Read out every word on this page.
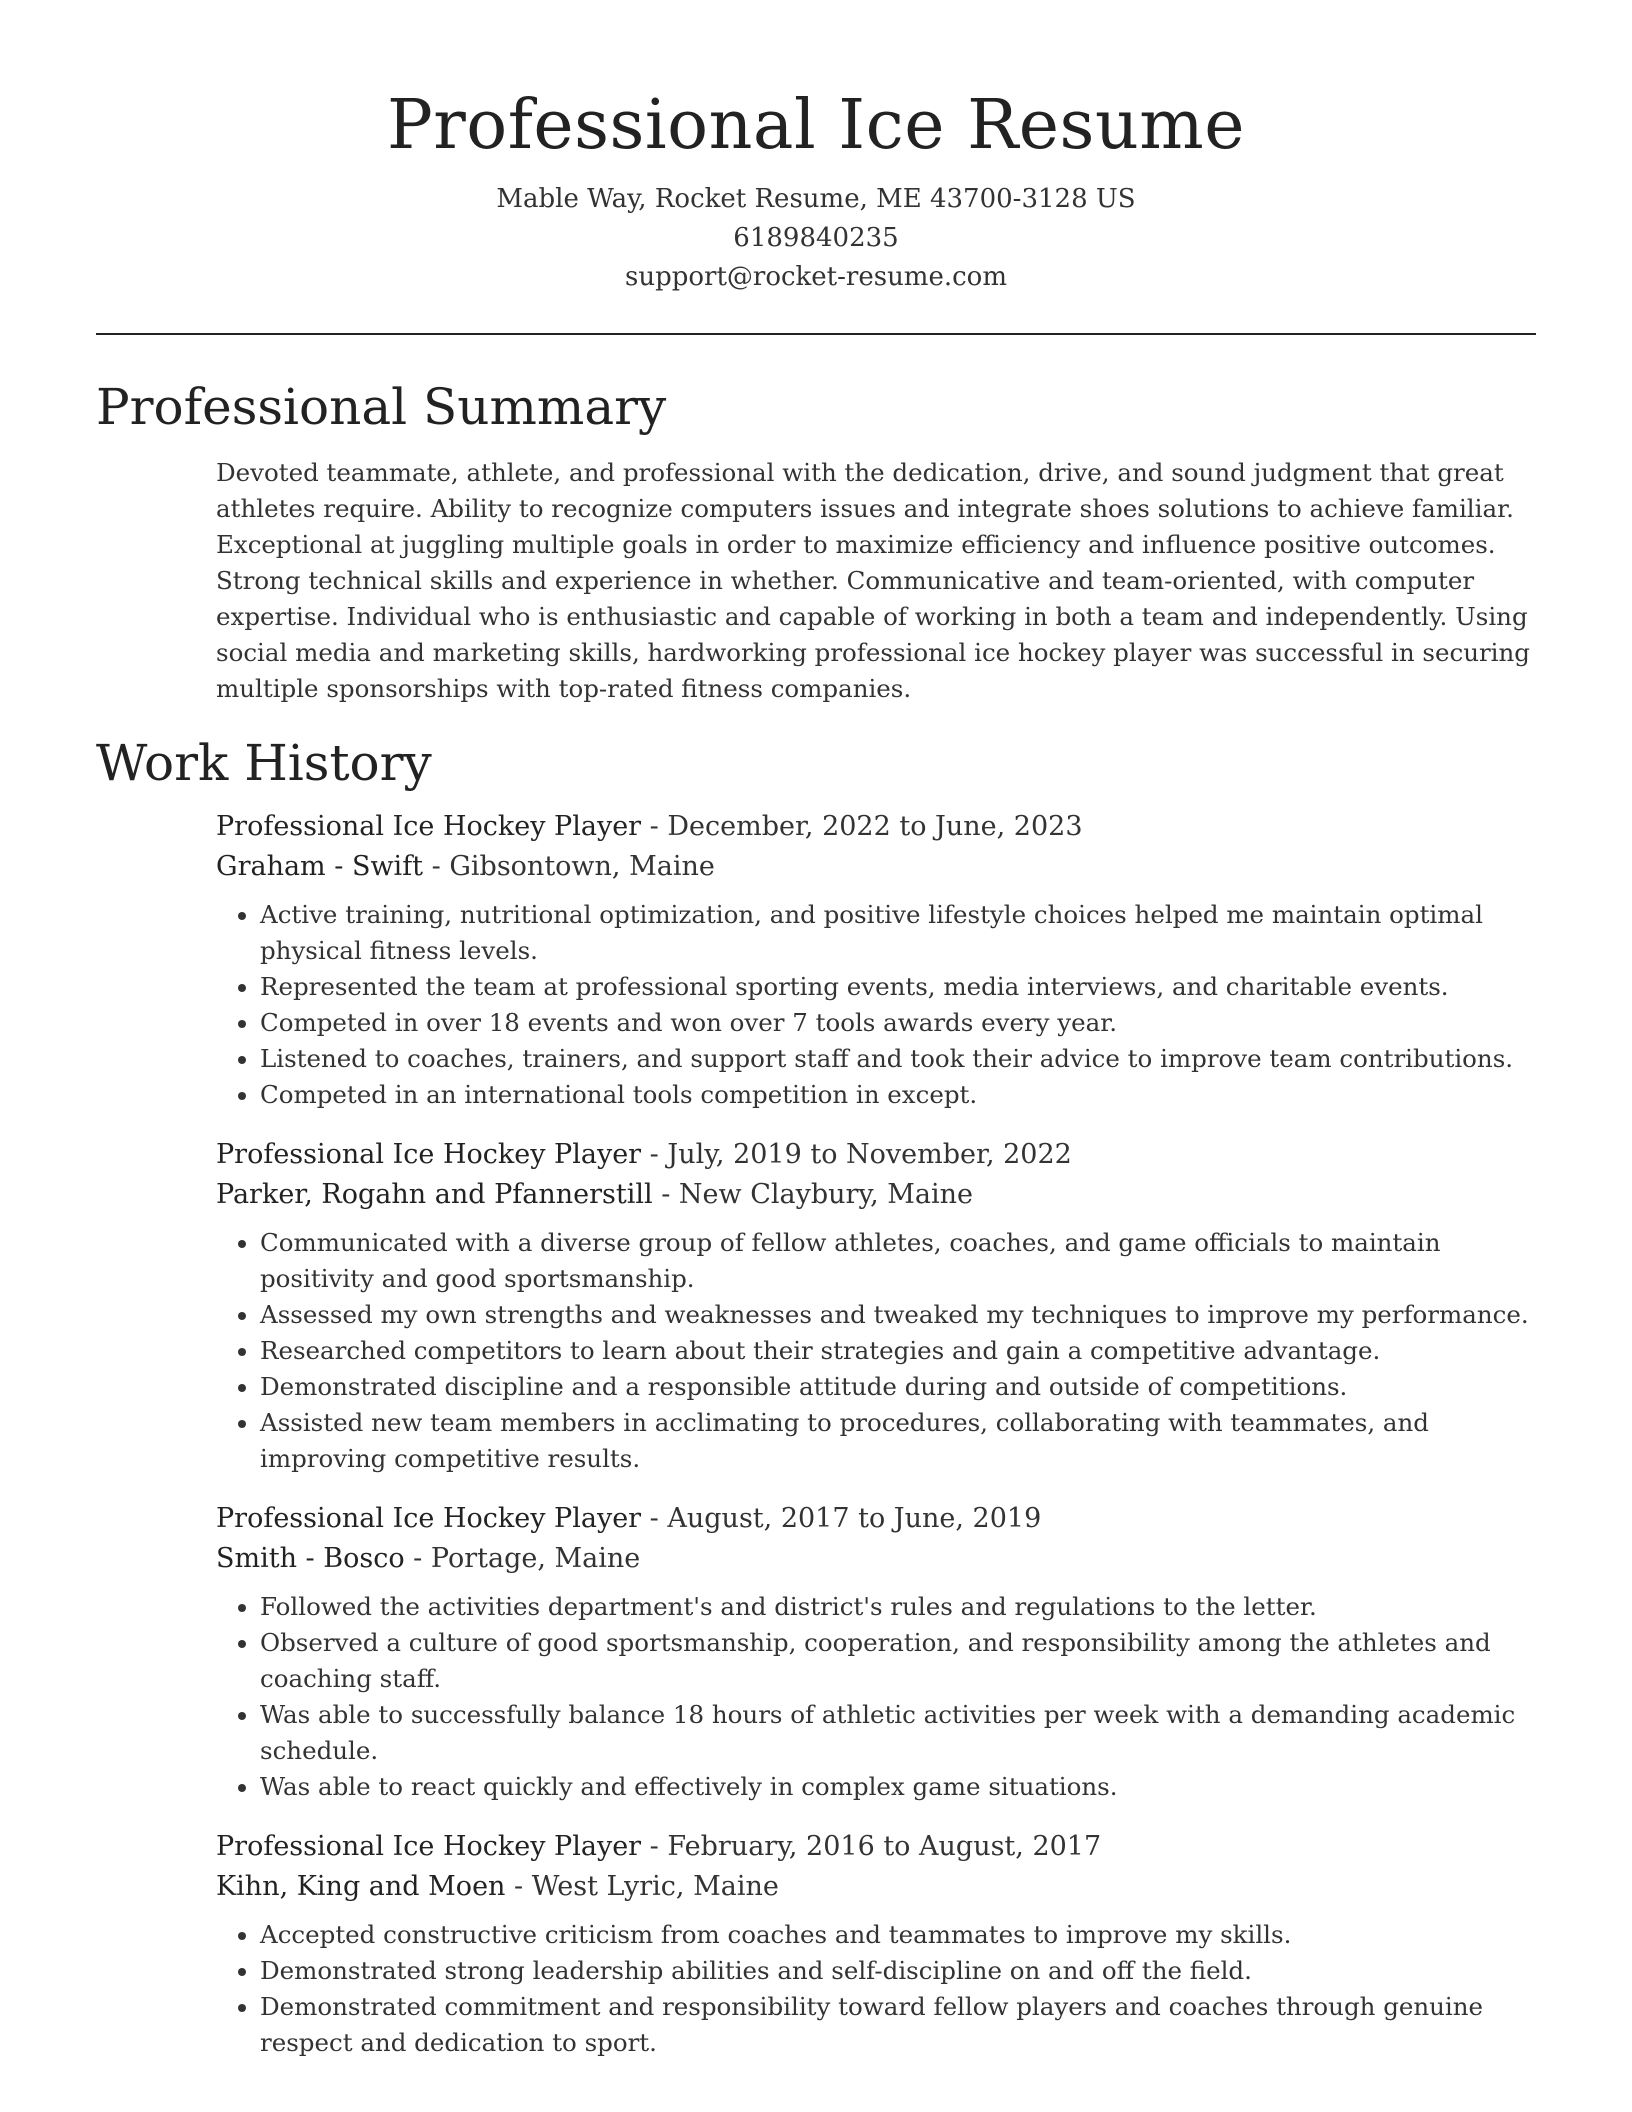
Professional Ice Resume
Mable Way, Rocket Resume, ME 43700-3128 US
6189840235
support@rocket-resume.com
Professional Summary

Devoted teammate, athlete, and professional with the dedication, drive, and sound judgment that great athletes require. Ability to recognize computers issues and integrate shoes solutions to achieve familiar. Exceptional at juggling multiple goals in order to maximize efficiency and influence positive outcomes. Strong technical skills and experience in whether. Communicative and team-oriented, with computer expertise. Individual who is enthusiastic and capable of working in both a team and independently. Using social media and marketing skills, hardworking professional ice hockey player was successful in securing multiple sponsorships with top-rated fitness companies.

Work History
Professional Ice Hockey Player - December, 2022 to June, 2023
Graham - Swift - Gibsontown, Maine
• Active training, nutritional optimization, and positive lifestyle choices helped me maintain optimal physical fitness levels.
• Represented the team at professional sporting events, media interviews, and charitable events.
• Competed in over 18 events and won over 7 tools awards every year.
• Listened to coaches, trainers, and support staff and took their advice to improve team contributions.
• Competed in an international tools competition in except.
Professional Ice Hockey Player - July, 2019 to November, 2022
Parker, Rogahn and Pfannerstill - New Claybury, Maine
• Communicated with a diverse group of fellow athletes, coaches, and game officials to maintain positivity and good sportsmanship.
• Assessed my own strengths and weaknesses and tweaked my techniques to improve my performance.
• Researched competitors to learn about their strategies and gain a competitive advantage.
• Demonstrated discipline and a responsible attitude during and outside of competitions.
• Assisted new team members in acclimating to procedures, collaborating with teammates, and improving competitive results.
Professional Ice Hockey Player - August, 2017 to June, 2019
Smith - Bosco - Portage, Maine
• Followed the activities department's and district's rules and regulations to the letter.
• Observed a culture of good sportsmanship, cooperation, and responsibility among the athletes and coaching staff.
• Was able to successfully balance 18 hours of athletic activities per week with a demanding academic schedule.
• Was able to react quickly and effectively in complex game situations.
Professional Ice Hockey Player - February, 2016 to August, 2017
Kihn, King and Moen - West Lyric, Maine
• Accepted constructive criticism from coaches and teammates to improve my skills.
• Demonstrated strong leadership abilities and self-discipline on and off the field.
• Demonstrated commitment and responsibility toward fellow players and coaches through genuine respect and dedication to sport.
